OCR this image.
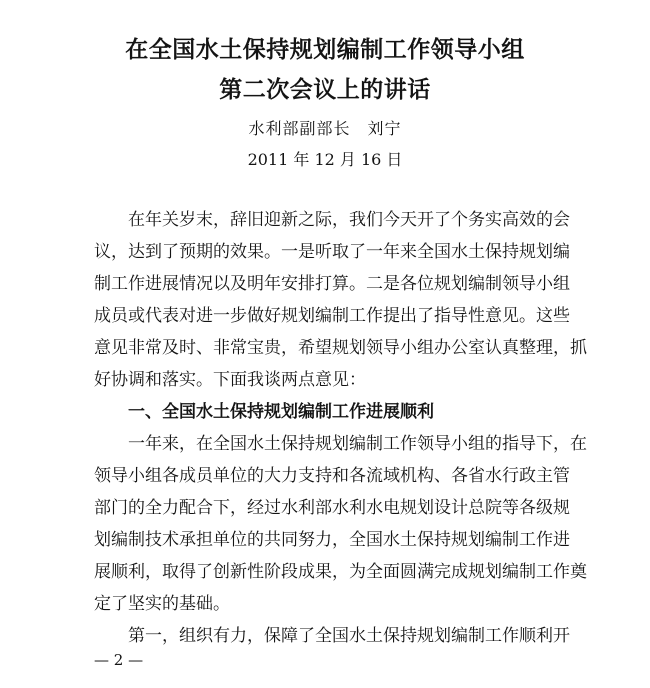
在全国水土保持规划编制工作领导小组
第二次会议上的讲话
水利部副部长　刘宁
2011 年 12 月 16 日
在年关岁末，辞旧迎新之际，我们今天开了个务实高效的会
议，达到了预期的效果。一是听取了一年来全国水土保持规划编
制工作进展情况以及明年安排打算。二是各位规划编制领导小组
成员或代表对进一步做好规划编制工作提出了指导性意见。这些
意见非常及时、非常宝贵，希望规划领导小组办公室认真整理，抓
好协调和落实。下面我谈两点意见：
一、全国水土保持规划编制工作进展顺利
一年来，在全国水土保持规划编制工作领导小组的指导下，在
领导小组各成员单位的大力支持和各流域机构、各省水行政主管
部门的全力配合下，经过水利部水利水电规划设计总院等各级规
划编制技术承担单位的共同努力，全国水土保持规划编制工作进
展顺利，取得了创新性阶段成果，为全面圆满完成规划编制工作奠
定了坚实的基础。
第一，组织有力，保障了全国水土保持规划编制工作顺利开
— 2 —
